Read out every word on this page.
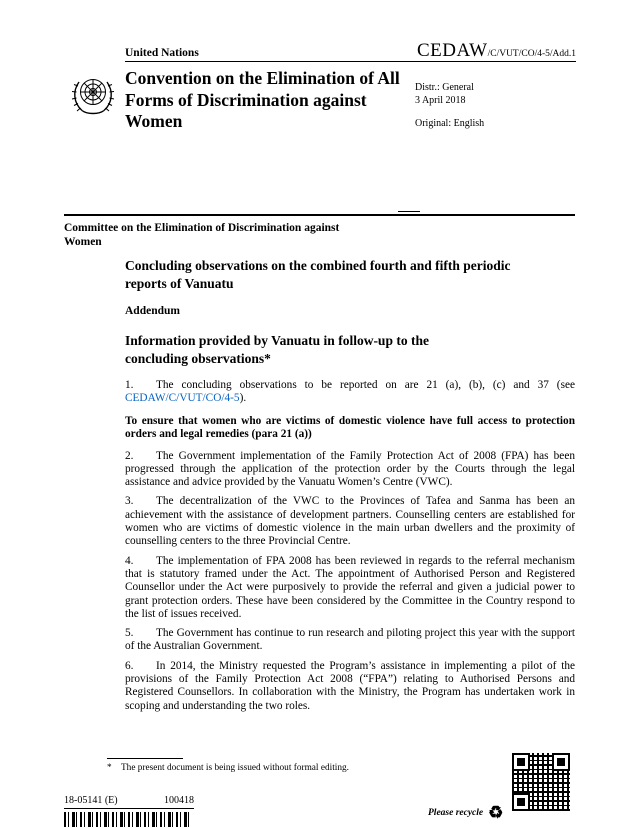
United Nations	CEDAW /C/VUT/CO/4-5/Add.1
Convention on the Elimination of All Forms of Discrimination against Women
Distr.: General
3 April 2018
Original: English
Committee on the Elimination of Discrimination against Women
Concluding observations on the combined fourth and fifth periodic reports of Vanuatu
Addendum
Information provided by Vanuatu in follow-up to the concluding observations*

1. The concluding observations to be reported on are 21 (a), (b), (c) and 37 (see CEDAW/C/VUT/CO/4-5).

To ensure that women who are victims of domestic violence have full access to protection orders and legal remedies (para 21 (a))

2. The Government implementation of the Family Protection Act of 2008 (FPA) has been progressed through the application of the protection order by the Courts through the legal assistance and advice provided by the Vanuatu Women’s Centre (VWC).

3. The decentralization of the VWC to the Provinces of Tafea and Sanma has been an achievement with the assistance of development partners. Counselling centers are established for women who are victims of domestic violence in the main urban dwellers and the proximity of counselling centers to the three Provincial Centre.

4. The implementation of FPA 2008 has been reviewed in regards to the referral mechanism that is statutory framed under the Act. The appointment of Authorised Person and Registered Counsellor under the Act were purposively to provide the referral and given a judicial power to grant protection orders. These have been considered by the Committee in the Country respond to the list of issues received.

5. The Government has continue to run research and piloting project this year with the support of the Australian Government.

6. In 2014, the Ministry requested the Program’s assistance in implementing a pilot of the provisions of the Family Protection Act 2008 (“FPA”) relating to Authorised Persons and Registered Counsellors. In collaboration with the Ministry, the Program has undertaken work in scoping and understanding the two roles.

* The present document is being issued without formal editing.
18-05141 (E)	100418
Please recycle ♻
